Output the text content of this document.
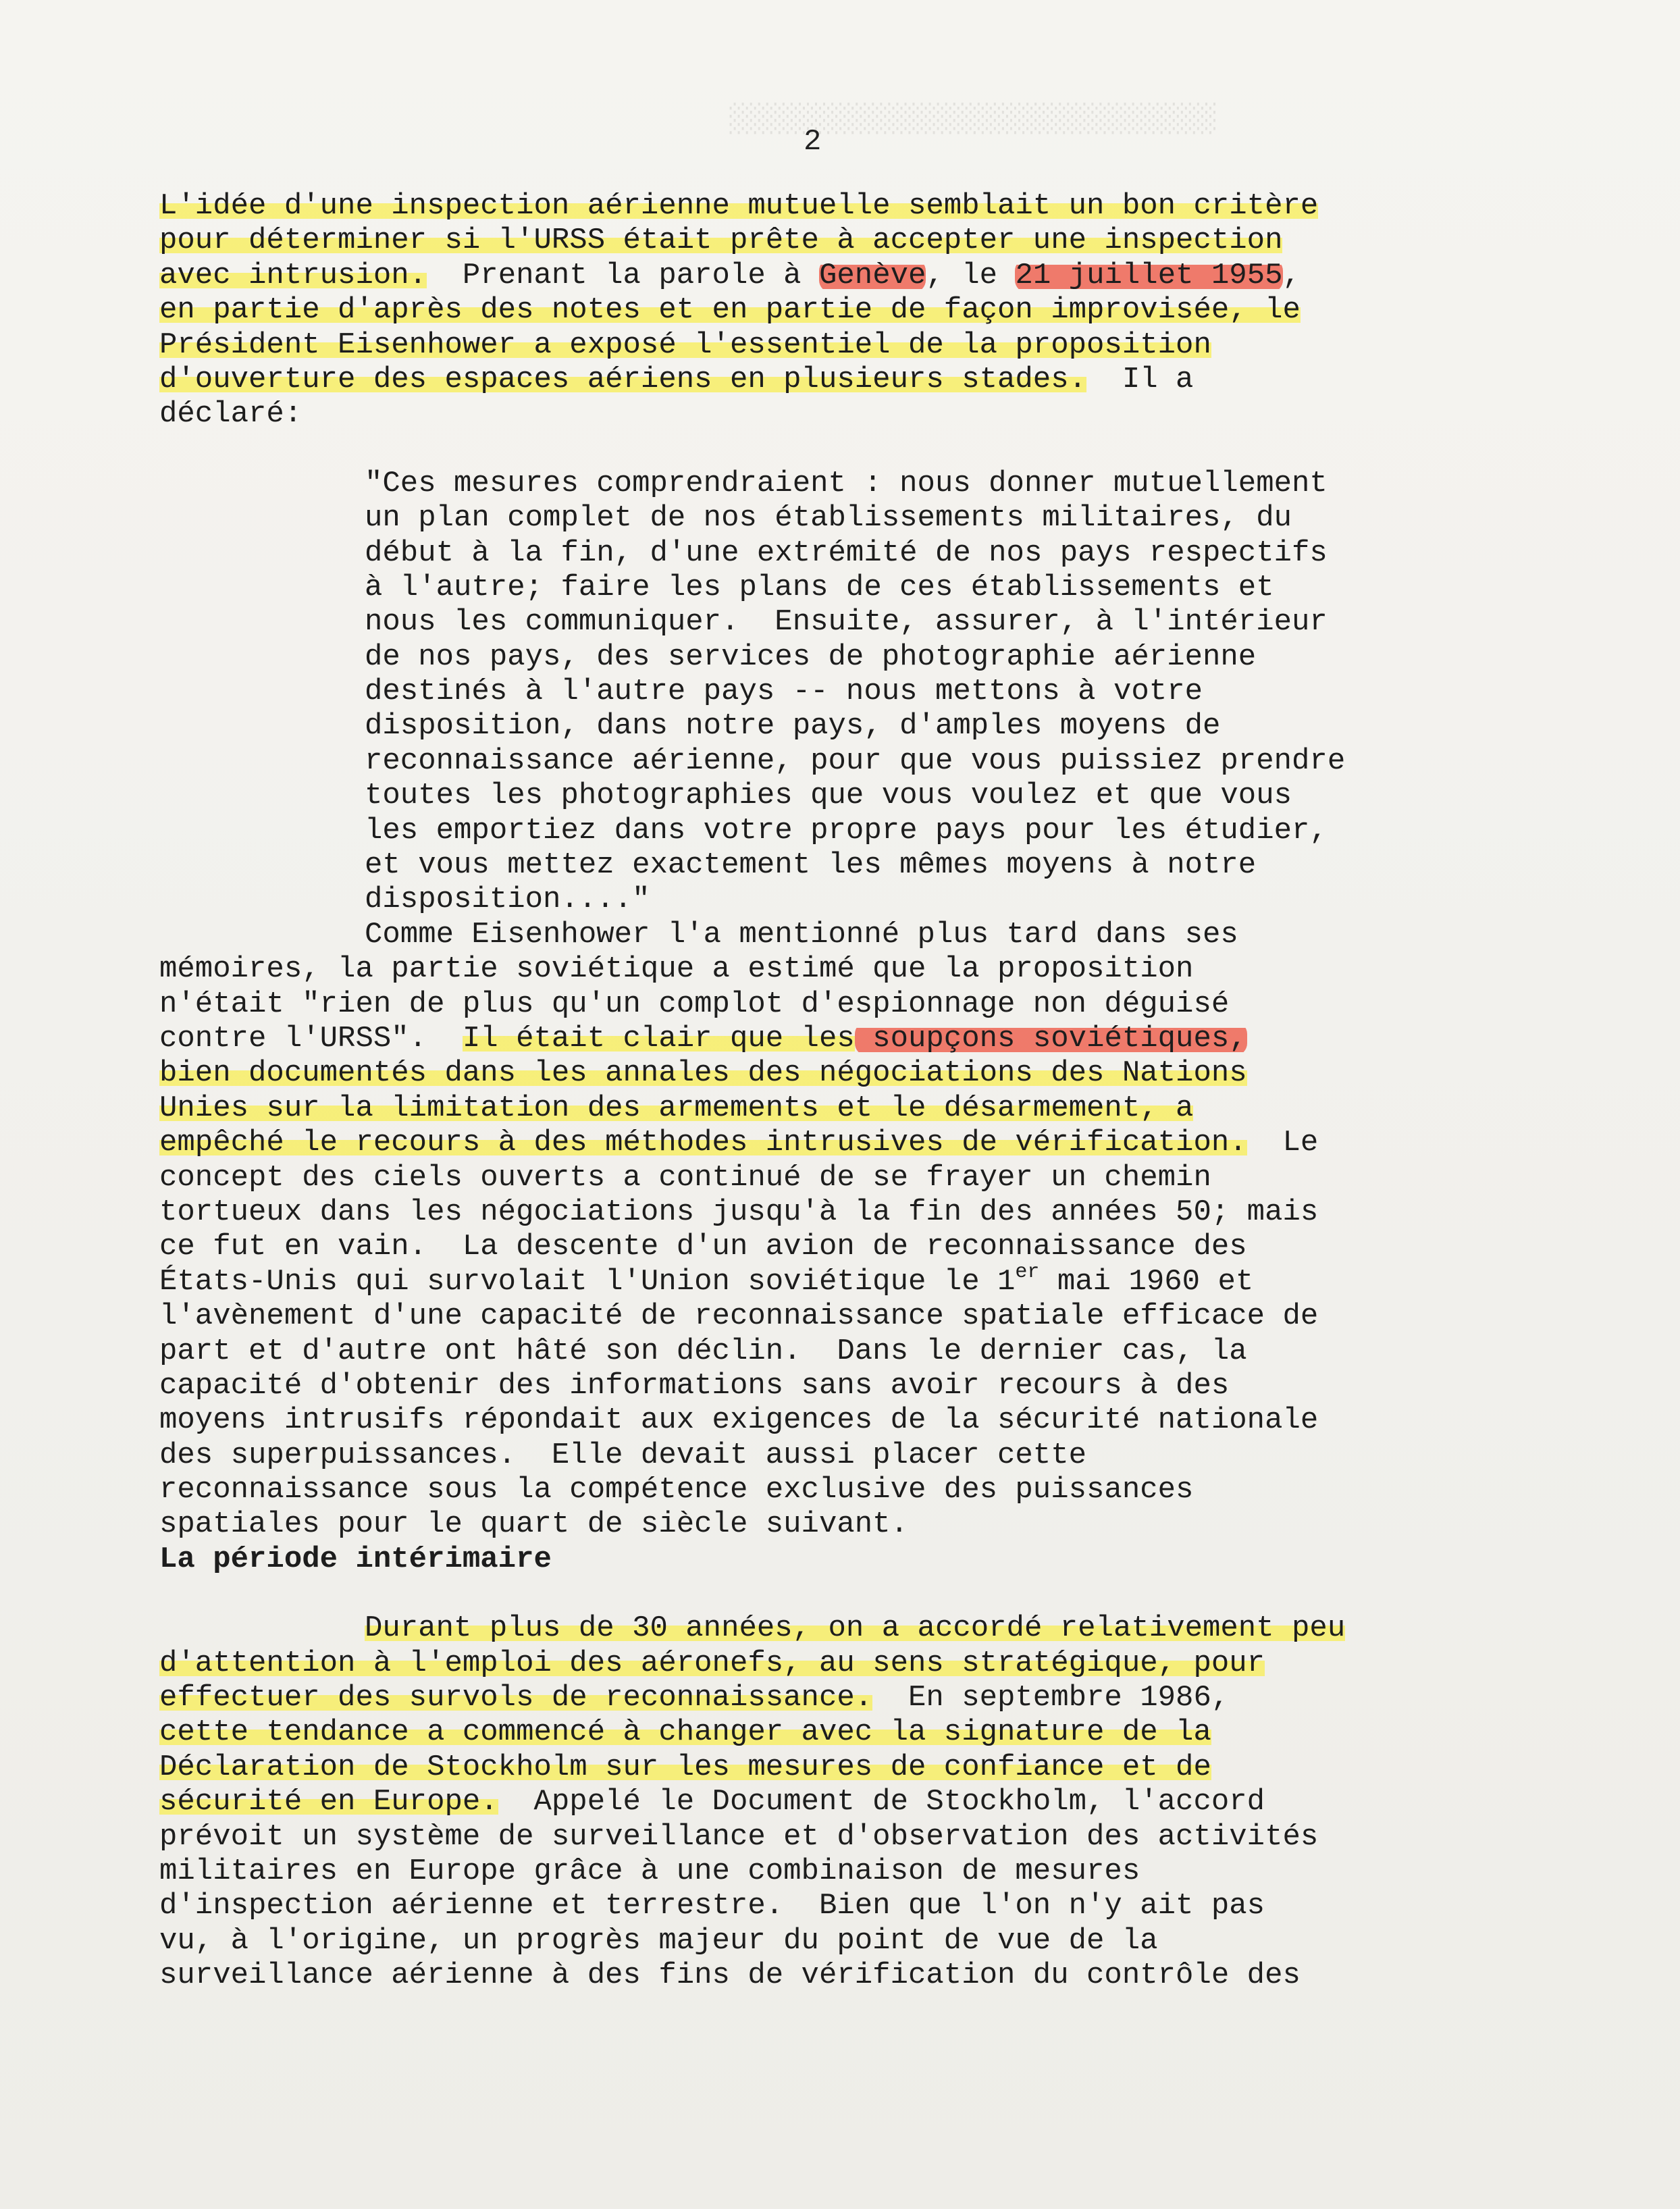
░░░░░░░░░░░░░░░░░░░░░░░░░░░░░░
2

L'idée d'une inspection aérienne mutuelle semblait un bon critère
pour déterminer si l'URSS était prête à accepter une inspection
avec intrusion.  Prenant la parole à Genève, le 21 juillet 1955,
en partie d'après des notes et en partie de façon improvisée, le
Président Eisenhower a exposé l'essentiel de la proposition
d'ouverture des espaces aériens en plusieurs stades.  Il a
déclaré:

"Ces mesures comprendraient : nous donner mutuellement
un plan complet de nos établissements militaires, du
début à la fin, d'une extrémité de nos pays respectifs
à l'autre; faire les plans de ces établissements et
nous les communiquer.  Ensuite, assurer, à l'intérieur
de nos pays, des services de photographie aérienne
destinés à l'autre pays -- nous mettons à votre
disposition, dans notre pays, d'amples moyens de
reconnaissance aérienne, pour que vous puissiez prendre
toutes les photographies que vous voulez et que vous
les emportiez dans votre propre pays pour les étudier,
et vous mettez exactement les mêmes moyens à notre
disposition...."

Comme Eisenhower l'a mentionné plus tard dans ses
mémoires, la partie soviétique a estimé que la proposition
n'était "rien de plus qu'un complot d'espionnage non déguisé
contre l'URSS".  Il était clair que les soupçons soviétiques,
bien documentés dans les annales des négociations des Nations
Unies sur la limitation des armements et le désarmement, a
empêché le recours à des méthodes intrusives de vérification.  Le
concept des ciels ouverts a continué de se frayer un chemin
tortueux dans les négociations jusqu'à la fin des années 50; mais
ce fut en vain.  La descente d'un avion de reconnaissance des
États-Unis qui survolait l'Union soviétique le 1er mai 1960 et
l'avènement d'une capacité de reconnaissance spatiale efficace de
part et d'autre ont hâté son déclin.  Dans le dernier cas, la
capacité d'obtenir des informations sans avoir recours à des
moyens intrusifs répondait aux exigences de la sécurité nationale
des superpuissances.  Elle devait aussi placer cette
reconnaissance sous la compétence exclusive des puissances
spatiales pour le quart de siècle suivant.

La période intérimaire

Durant plus de 30 années, on a accordé relativement peu
d'attention à l'emploi des aéronefs, au sens stratégique, pour
effectuer des survols de reconnaissance.  En septembre 1986,
cette tendance a commencé à changer avec la signature de la
Déclaration de Stockholm sur les mesures de confiance et de
sécurité en Europe.  Appelé le Document de Stockholm, l'accord
prévoit un système de surveillance et d'observation des activités
militaires en Europe grâce à une combinaison de mesures
d'inspection aérienne et terrestre.  Bien que l'on n'y ait pas
vu, à l'origine, un progrès majeur du point de vue de la
surveillance aérienne à des fins de vérification du contrôle des
